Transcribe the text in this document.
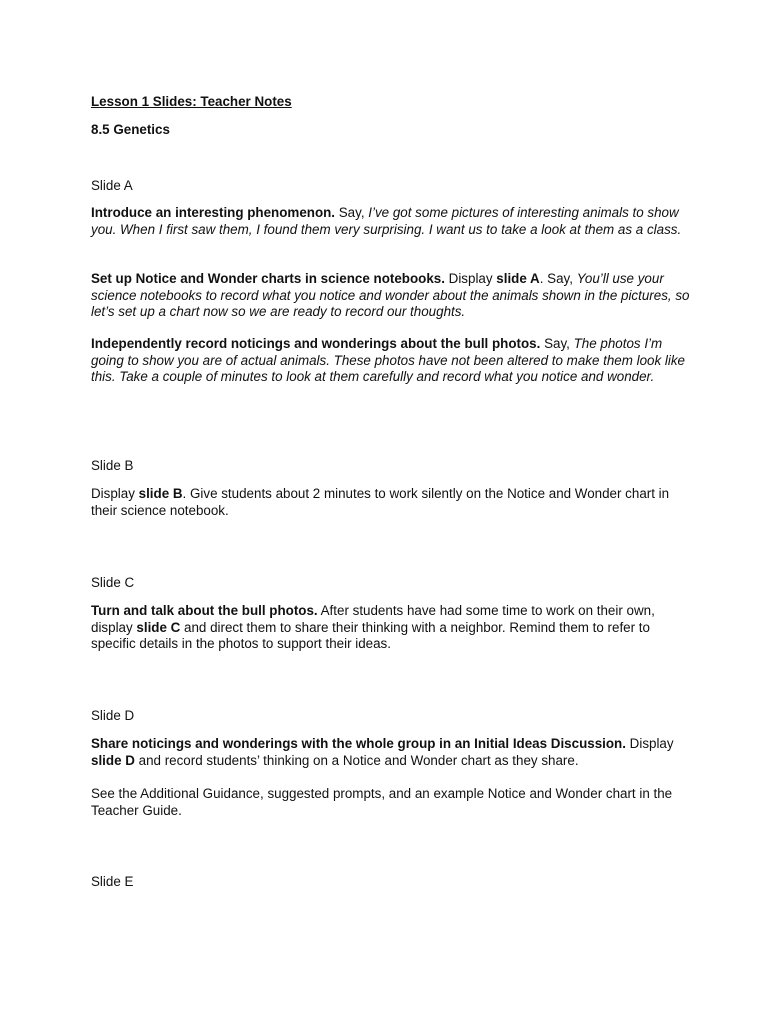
Lesson 1 Slides: Teacher Notes

8.5 Genetics

Slide A

Introduce an interesting phenomenon. Say, I’ve got some pictures of interesting animals to show you. When I first saw them, I found them very surprising. I want us to take a look at them as a class.

Set up Notice and Wonder charts in science notebooks. Display slide A. Say, You’ll use your science notebooks to record what you notice and wonder about the animals shown in the pictures, so let’s set up a chart now so we are ready to record our thoughts.

Independently record noticings and wonderings about the bull photos. Say, The photos I’m going to show you are of actual animals. These photos have not been altered to make them look like this. Take a couple of minutes to look at them carefully and record what you notice and wonder.

Slide B

Display slide B. Give students about 2 minutes to work silently on the Notice and Wonder chart in their science notebook.

Slide C

Turn and talk about the bull photos. After students have had some time to work on their own, display slide C and direct them to share their thinking with a neighbor. Remind them to refer to specific details in the photos to support their ideas.

Slide D

Share noticings and wonderings with the whole group in an Initial Ideas Discussion. Display slide D and record students’ thinking on a Notice and Wonder chart as they share.

See the Additional Guidance, suggested prompts, and an example Notice and Wonder chart in the Teacher Guide.

Slide E
